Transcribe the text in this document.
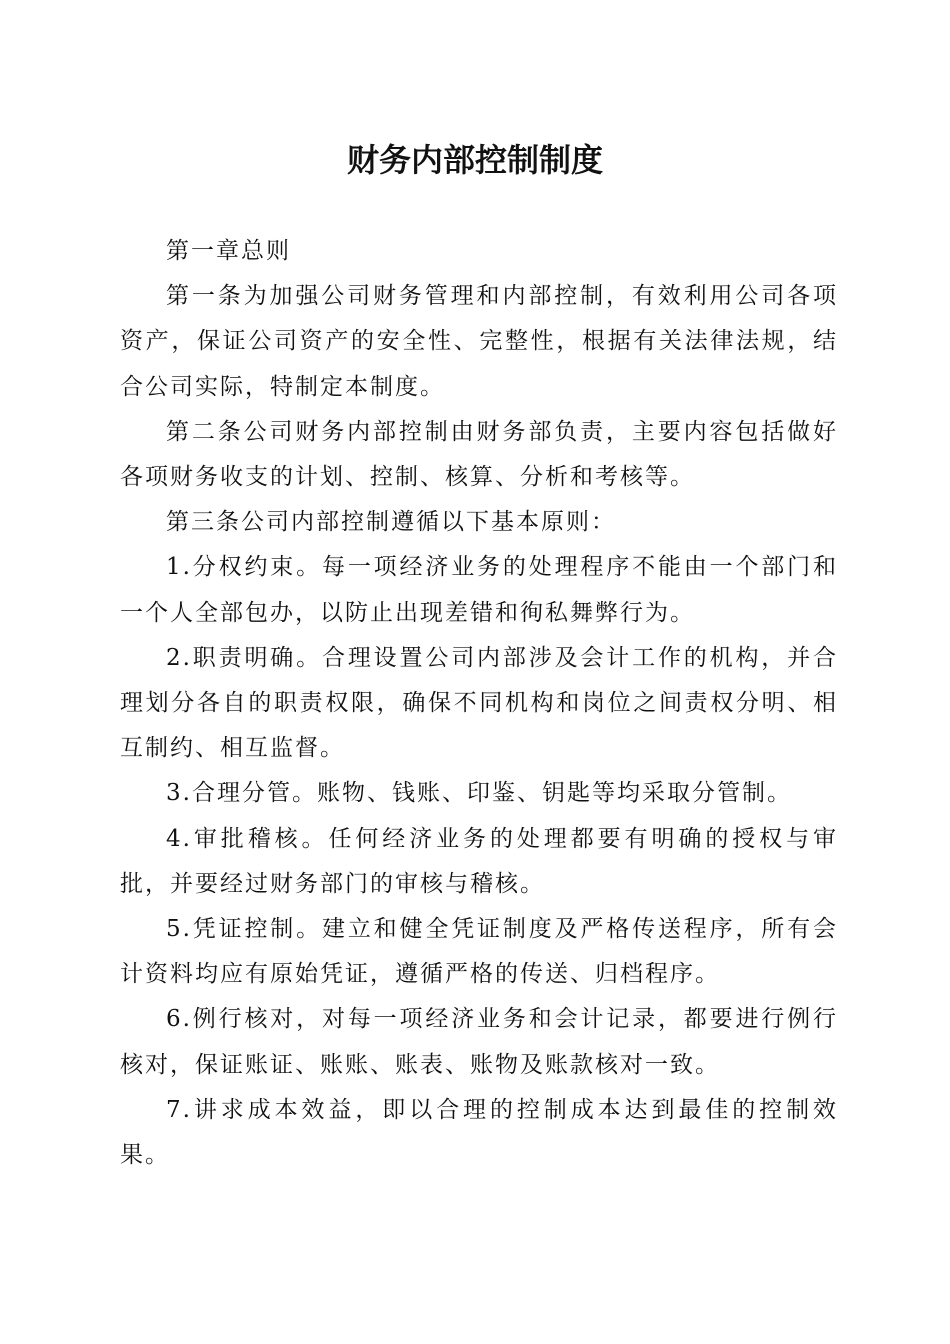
财务内部控制制度

第一章总则

第一条为加强公司财务管理和内部控制，有效利用公司各项资产，保证公司资产的安全性、完整性，根据有关法律法规，结合公司实际，特制定本制度。

第二条公司财务内部控制由财务部负责，主要内容包括做好各项财务收支的计划、控制、核算、分析和考核等。

第三条公司内部控制遵循以下基本原则：

1.分权约束。每一项经济业务的处理程序不能由一个部门和一个人全部包办，以防止出现差错和徇私舞弊行为。

2.职责明确。合理设置公司内部涉及会计工作的机构，并合理划分各自的职责权限，确保不同机构和岗位之间责权分明、相互制约、相互监督。

3.合理分管。账物、钱账、印鉴、钥匙等均采取分管制。

4.审批稽核。任何经济业务的处理都要有明确的授权与审批，并要经过财务部门的审核与稽核。

5.凭证控制。建立和健全凭证制度及严格传送程序，所有会计资料均应有原始凭证，遵循严格的传送、归档程序。

6.例行核对，对每一项经济业务和会计记录，都要进行例行核对，保证账证、账账、账表、账物及账款核对一致。

7.讲求成本效益，即以合理的控制成本达到最佳的控制效果。
